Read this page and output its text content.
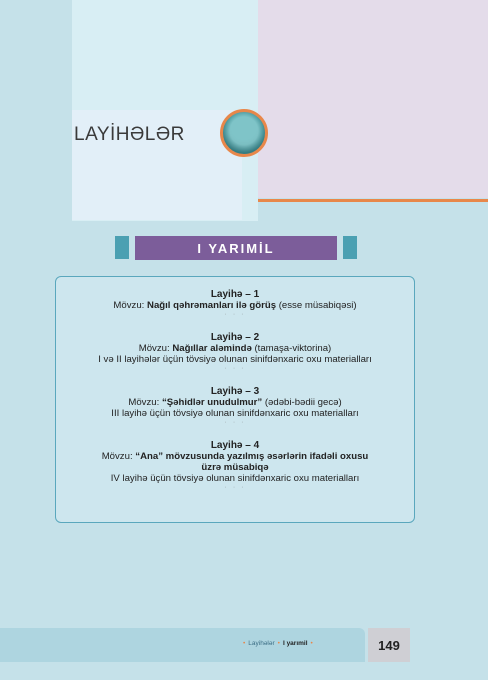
LAYİHƏLƏR
I YARIMİL
Layihə – 1
Mövzu: Nağıl qəhrəmanları ilə görüş (esse müsabiqəsi)
· · ·
Layihə – 2
Mövzu: Nağıllar aləmində (tamaşa-viktorina)
I və II layihələr üçün tövsiyə olunan sinifdənxaric oxu materialları
· · ·
Layihə – 3
Mövzu: “Şəhidlər unudulmur” (ədəbi-bədii gecə)
III layihə üçün tövsiyə olunan sinifdənxaric oxu materialları
· · ·
Layihə – 4
Mövzu: “Ana” mövzusunda yazılmış əsərlərin ifadəli oxusu
üzrə müsabiqə
IV layihə üçün tövsiyə olunan sinifdənxaric oxu materialları
· · ·
• Layihələr • I yarımil •	149
